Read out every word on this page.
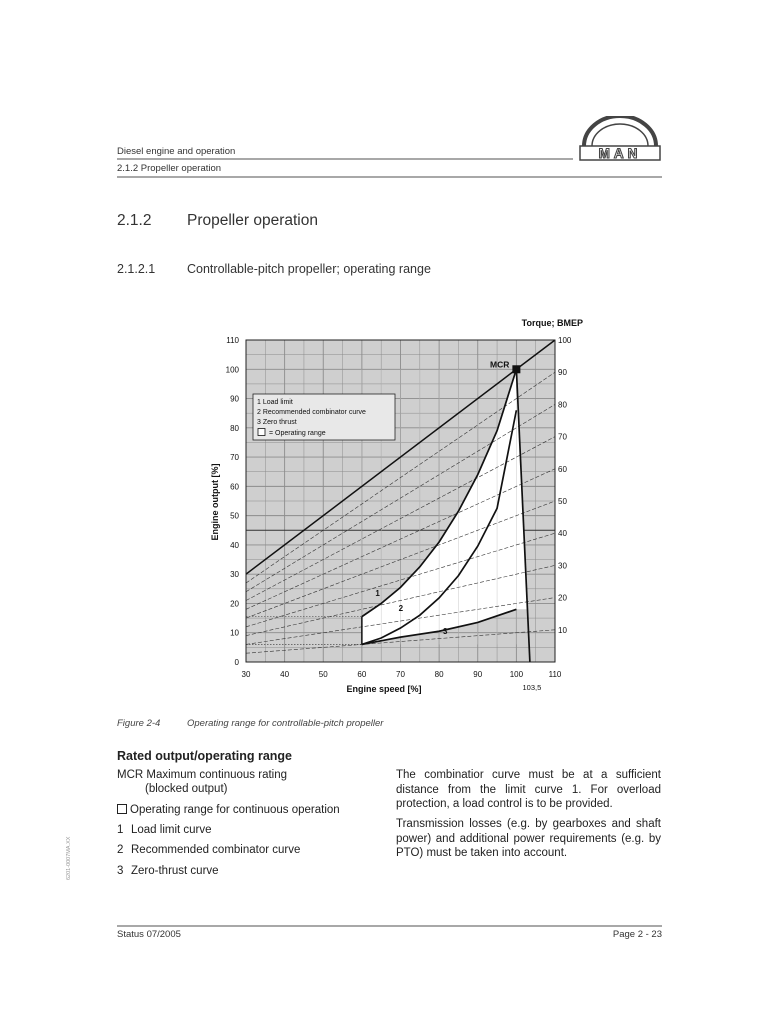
Diesel engine and operation
2.1.2 Propeller operation
MAN
2.1.2 Propeller operation
2.1.2.1	Controllable-pitch propeller; operating range
30	40	50	60	70	80	90	100	110
0
10
20
30
40
50
60
70
80
90
100
110
10
20
30
40
50
60
70
80
90
100
Engine speed [%]
Engine output [%]
Torque; BMEP
1 Load limit
2 Recommended combinator curve
3 Zero thrust
= Operating range
MCR
1
2
3
103,5
Figure 2-4	Operating range for controllable-pitch propeller
Rated output/operating range
MCR Maximum continuous rating
(blocked output)
Operating range for continuous operation
1 Load limit curve
2 Recommended combinator curve
3 Zero-thrust curve
The combinatior curve must be at a sufficient distance from the limit curve 1. For overload protection, a load control is to be provided.
Transmission losses (e.g. by gearboxes and shaft power) and additional power requirements (e.g. by PTO) must be taken into account.
6201-0007MA.XX
Status 07/2005	Page 2 - 23
